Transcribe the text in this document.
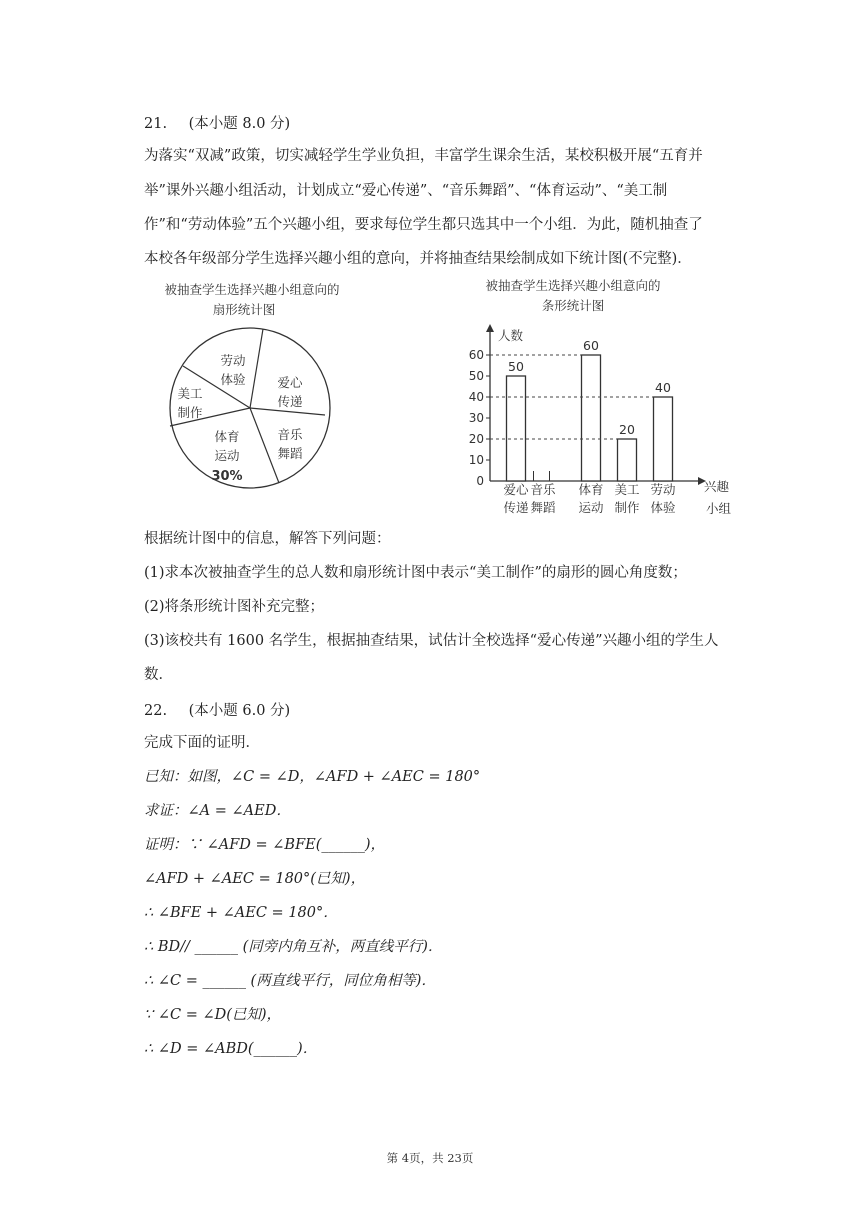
21. (本小题 8.0 分)
为落实“双减”政策，切实减轻学生学业负担，丰富学生课余生活，某校积极开展“五育并
举”课外兴趣小组活动，计划成立“爱心传递”、“音乐舞蹈”、“体育运动”、“美工制
作”和“劳动体验”五个兴趣小组，要求每位学生都只选其中一个小组．为此，随机抽查了
本校各年级部分学生选择兴趣小组的意向，并将抽查结果绘制成如下统计图(不完整)．
被抽查学生选择兴趣小组意向的
扇形统计图
劳动
体验	爱心
传递
音乐
舞蹈
体育
运动
30%
美工
制作
被抽查学生选择兴趣小组意向的
条形统计图
人数
兴趣
小组
0
10
20
30
40
50
60
50
60
20
40
爱心
传递
音乐
舞蹈
体育
运动
美工
制作
劳动
体验
根据统计图中的信息，解答下列问题：
(1)求本次被抽查学生的总人数和扇形统计图中表示“美工制作”的扇形的圆心角度数；
(2)将条形统计图补充完整；
(3)该校共有 1600 名学生，根据抽查结果，试估计全校选择“爱心传递”兴趣小组的学生人
数．
22. (本小题 6.0 分)
完成下面的证明．
已知：如图，∠C = ∠D，∠AFD + ∠AEC = 180°
求证：∠A = ∠AED．
证明：∵ ∠AFD = ∠BFE(______)，
∠AFD + ∠AEC = 180°(已知)，
∴ ∠BFE + ∠AEC = 180°．
∴ BD// ______ (同旁内角互补，两直线平行)．
∴ ∠C = ______ (两直线平行，同位角相等)．
∵ ∠C = ∠D(已知)，
∴ ∠D = ∠ABD(______)．
第 4页，共 23页
